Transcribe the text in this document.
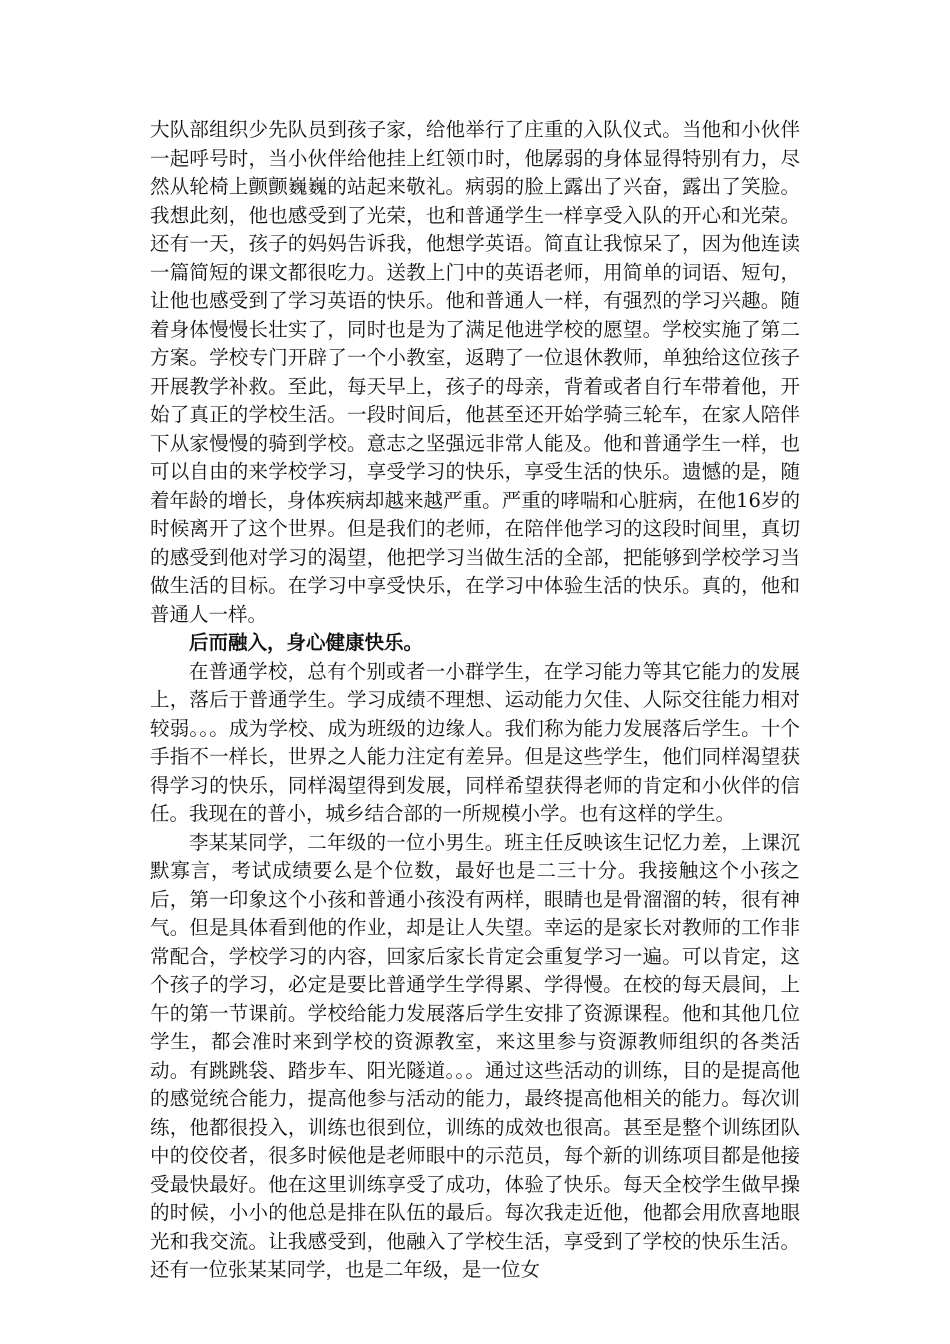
大队部组织少先队员到孩子家，给他举行了庄重的入队仪式。当他和小伙伴一起呼号时，当小伙伴给他挂上红领巾时，他孱弱的身体显得特别有力，尽然从轮椅上颤颤巍巍的站起来敬礼。病弱的脸上露出了兴奋，露出了笑脸。我想此刻，他也感受到了光荣，也和普通学生一样享受入队的开心和光荣。还有一天，孩子的妈妈告诉我，他想学英语。简直让我惊呆了，因为他连读一篇简短的课文都很吃力。送教上门中的英语老师，用简单的词语、短句，让他也感受到了学习英语的快乐。他和普通人一样，有强烈的学习兴趣。随着身体慢慢长壮实了，同时也是为了满足他进学校的愿望。学校实施了第二方案。学校专门开辟了一个小教室，返聘了一位退休教师，单独给这位孩子开展教学补救。至此，每天早上，孩子的母亲，背着或者自行车带着他，开始了真正的学校生活。一段时间后，他甚至还开始学骑三轮车，在家人陪伴下从家慢慢的骑到学校。意志之坚强远非常人能及。他和普通学生一样，也可以自由的来学校学习，享受学习的快乐，享受生活的快乐。遗憾的是，随着年龄的增长，身体疾病却越来越严重。严重的哮喘和心脏病，在他16岁的时候离开了这个世界。但是我们的老师，在陪伴他学习的这段时间里，真切的感受到他对学习的渴望，他把学习当做生活的全部，把能够到学校学习当做生活的目标。在学习中享受快乐，在学习中体验生活的快乐。真的，他和普通人一样。

后而融入，身心健康快乐。

在普通学校，总有个别或者一小群学生，在学习能力等其它能力的发展上，落后于普通学生。学习成绩不理想、运动能力欠佳、人际交往能力相对较弱。。。成为学校、成为班级的边缘人。我们称为能力发展落后学生。十个手指不一样长，世界之人能力注定有差异。但是这些学生，他们同样渴望获得学习的快乐，同样渴望得到发展，同样希望获得老师的肯定和小伙伴的信任。我现在的普小，城乡结合部的一所规模小学。也有这样的学生。

李某某同学，二年级的一位小男生。班主任反映该生记忆力差，上课沉默寡言，考试成绩要么是个位数，最好也是二三十分。我接触这个小孩之后，第一印象这个小孩和普通小孩没有两样，眼睛也是骨溜溜的转，很有神气。但是具体看到他的作业，却是让人失望。幸运的是家长对教师的工作非常配合，学校学习的内容，回家后家长肯定会重复学习一遍。可以肯定，这个孩子的学习，必定是要比普通学生学得累、学得慢。在校的每天晨间，上午的第一节课前。学校给能力发展落后学生安排了资源课程。他和其他几位学生，都会准时来到学校的资源教室，来这里参与资源教师组织的各类活动。有跳跳袋、踏步车、阳光隧道。。。通过这些活动的训练，目的是提高他的感觉统合能力，提高他参与活动的能力，最终提高他相关的能力。每次训练，他都很投入，训练也很到位，训练的成效也很高。甚至是整个训练团队中的佼佼者，很多时候他是老师眼中的示范员，每个新的训练项目都是他接受最快最好。他在这里训练享受了成功，体验了快乐。每天全校学生做早操的时候，小小的他总是排在队伍的最后。每次我走近他，他都会用欣喜地眼光和我交流。让我感受到，他融入了学校生活，享受到了学校的快乐生活。还有一位张某某同学，也是二年级，是一位女
